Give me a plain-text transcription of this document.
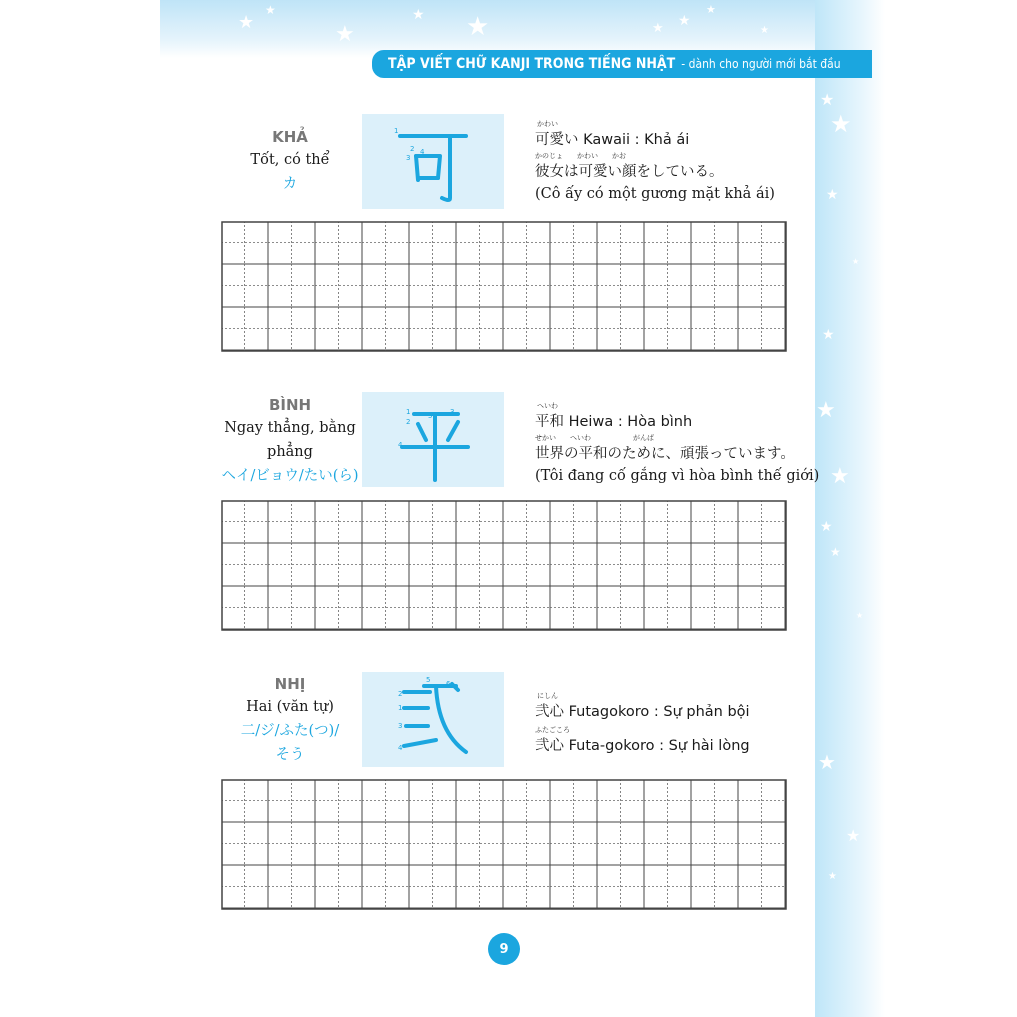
★
★
★
★ ★	★ ★
★
★
★
★
★
★
★
★
★
★
★
★
★
★
★
TẬP VIẾT CHỮ KANJI TRONG TIẾNG NHẬT - dành cho người mới bắt đầu
KHẢ
Tốt, có thể
カ
1
2
3
4
5
かわい
可愛い Kawaii : Khả ái
かのじょ　　かわい　　かお
彼女は可愛い顔をしている。
(Cô ấy có một gương mặt khả ái)
BÌNH
Ngay thẳng, bằng
phẳng
ヘイ/ビョウ/たい(ら)
1
2
3
4
5
へいわ
平和 Heiwa : Hòa bình
せかい　　へいわ　　　　　　がんば
世界の平和のために、頑張っています。
(Tôi đang cố gắng vì hòa bình thế giới)
NHỊ
Hai (văn tự)
二/ジ/ふた(つ)/
そう
1
2
3
4
5 6
にしん
弐心 Futagokoro : Sự phản bội
ふたごころ
弐心 Futa-gokoro : Sự hài lòng
9
